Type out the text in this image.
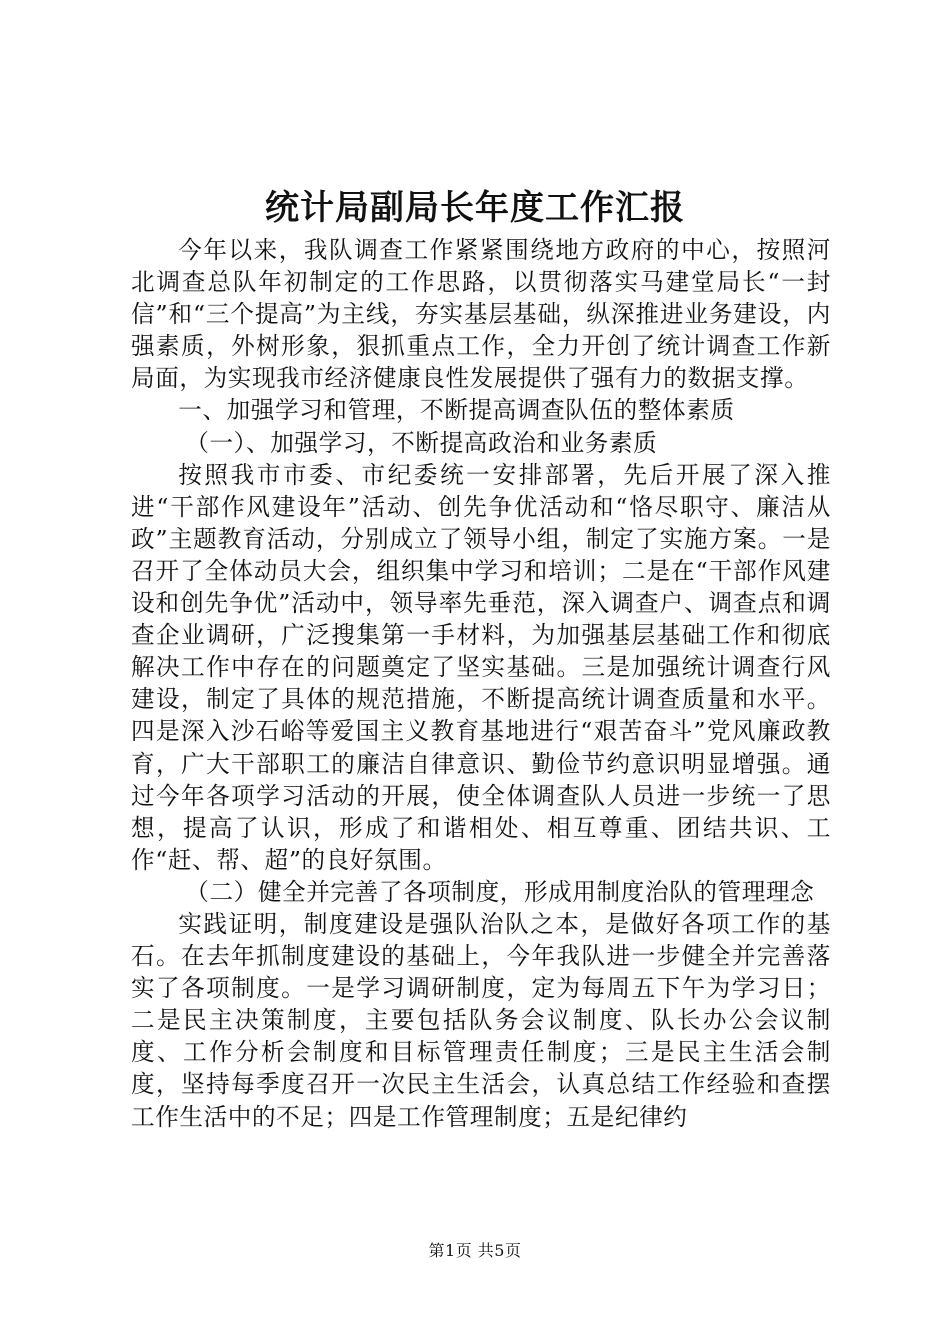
统计局副局长年度工作汇报

今年以来，我队调查工作紧紧围绕地方政府的中心，按照河北调查总队年初制定的工作思路，以贯彻落实马建堂局长“一封信”和“三个提高”为主线，夯实基层基础，纵深推进业务建设，内强素质，外树形象，狠抓重点工作，全力开创了统计调查工作新局面，为实现我市经济健康良性发展提供了强有力的数据支撑。

一、加强学习和管理，不断提高调查队伍的整体素质

（一）、加强学习，不断提高政治和业务素质

按照我市市委、市纪委统一安排部署，先后开展了深入推进“干部作风建设年”活动、创先争优活动和“恪尽职守、廉洁从政”主题教育活动，分别成立了领导小组，制定了实施方案。一是召开了全体动员大会，组织集中学习和培训；二是在“干部作风建设和创先争优”活动中，领导率先垂范，深入调查户、调查点和调查企业调研，广泛搜集第一手材料，为加强基层基础工作和彻底解决工作中存在的问题奠定了坚实基础。三是加强统计调查行风建设，制定了具体的规范措施，不断提高统计调查质量和水平。四是深入沙石峪等爱国主义教育基地进行“艰苦奋斗”党风廉政教育，广大干部职工的廉洁自律意识、勤俭节约意识明显增强。通过今年各项学习活动的开展，使全体调查队人员进一步统一了思想，提高了认识，形成了和谐相处、相互尊重、团结共识、工作“赶、帮、超”的良好氛围。

（二）健全并完善了各项制度，形成用制度治队的管理理念

实践证明，制度建设是强队治队之本，是做好各项工作的基石。在去年抓制度建设的基础上，今年我队进一步健全并完善落实了各项制度。一是学习调研制度，定为每周五下午为学习日；二是民主决策制度，主要包括队务会议制度、队长办公会议制度、工作分析会制度和目标管理责任制度；三是民主生活会制度，坚持每季度召开一次民主生活会，认真总结工作经验和查摆工作生活中的不足；四是工作管理制度；五是纪律约

第1页 共5页
